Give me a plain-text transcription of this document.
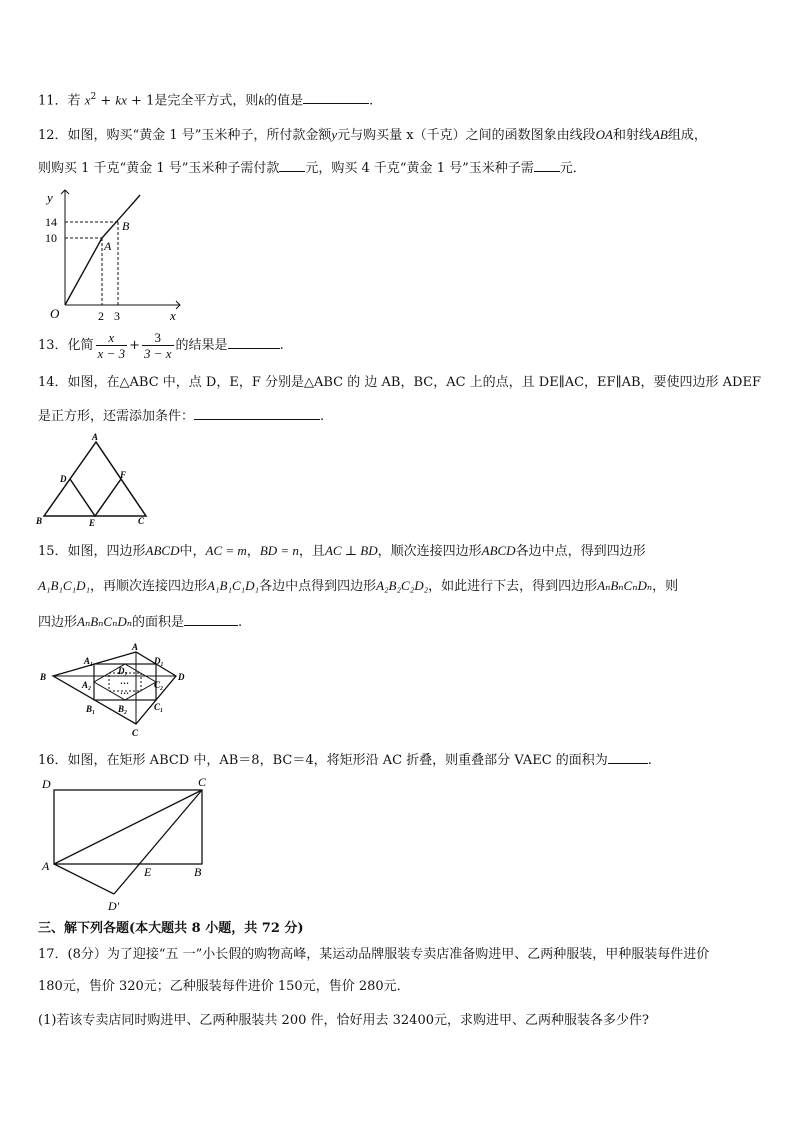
11．若 $x^2$ + kx + 1是完全平方式，则k的值是	.
12．如图，购买“黄金 1 号”玉米种子，所付款金额y元与购买量 x（千克）之间的函数图象由线段OA和射线AB组成，
则购买 1 千克“黄金 1 号”玉米种子需付款 元，购买 4 千克“黄金 1 号”玉米种子需 元．
y
x
O
14
10
2 3
A
B
13．化简 $\frac{x}{x - 3} + \frac{3}{3 - x}$ 的结果是	.
14．如图，在△ABC 中，点 D，E，F 分别是△ABC 的 边 AB，BC，AC 上的点，且 DE∥AC，EF∥AB，要使四边形 ADEF
是正方形，还需添加条件：	.
A
B	C
D
E
F
15．如图，四边形ABCD中，AC = m，BD = n，且AC ⊥ BD，顺次连接四边形ABCD各边中点，得到四边形
A₁B₁C₁D₁，再顺次连接四边形A₁B₁C₁D₁各边中点得到四边形A₂B₂C₂D₂，如此进行下去，得到四边形AₙBₙCₙDₙ，则
四边形AₙBₙCₙDₙ的面积是	.
B
A
D
C
A₁	D₁
B₁	C₁
A₂
D₂
B₂
C₂
…
…
16．如图，在矩形 ABCD 中，AB＝8，BC＝4，将矩形沿 AC 折叠，则重叠部分 VAEC 的面积为	.
D	C
A	B
E
D′
三、解下列各题(本大题共 8 小题，共 72 分)
17．(8分）为了迎接“五 一”小长假的购物高峰，某运动品牌服装专卖店准备购进甲、乙两种服装，甲种服装每件进价
180元，售价 320元；乙种服装每件进价 150元，售价 280元．
(1)若该专卖店同时购进甲、乙两种服装共 200 件，恰好用去 32400元，求购进甲、乙两种服装各多少件?
